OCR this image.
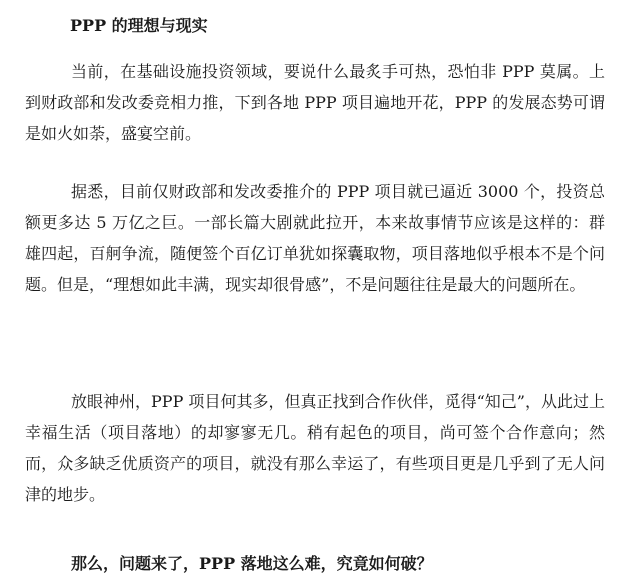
PPP 的理想与现实

当前，在基础设施投资领域，要说什么最炙手可热，恐怕非 PPP 莫属。上到财政部和发改委竞相力推，下到各地 PPP 项目遍地开花，PPP 的发展态势可谓是如火如荼，盛宴空前。

据悉，目前仅财政部和发改委推介的 PPP 项目就已逼近 3000 个，投资总额更多达 5 万亿之巨。一部长篇大剧就此拉开，本来故事情节应该是这样的：群雄四起，百舸争流，随便签个百亿订单犹如探囊取物，项目落地似乎根本不是个问题。但是，“理想如此丰满，现实却很骨感”，不是问题往往是最大的问题所在。

放眼神州，PPP 项目何其多，但真正找到合作伙伴，觅得“知己”，从此过上幸福生活（项目落地）的却寥寥无几。稍有起色的项目，尚可签个合作意向；然而，众多缺乏优质资产的项目，就没有那么幸运了，有些项目更是几乎到了无人问津的地步。

那么，问题来了，PPP 落地这么难，究竟如何破？
